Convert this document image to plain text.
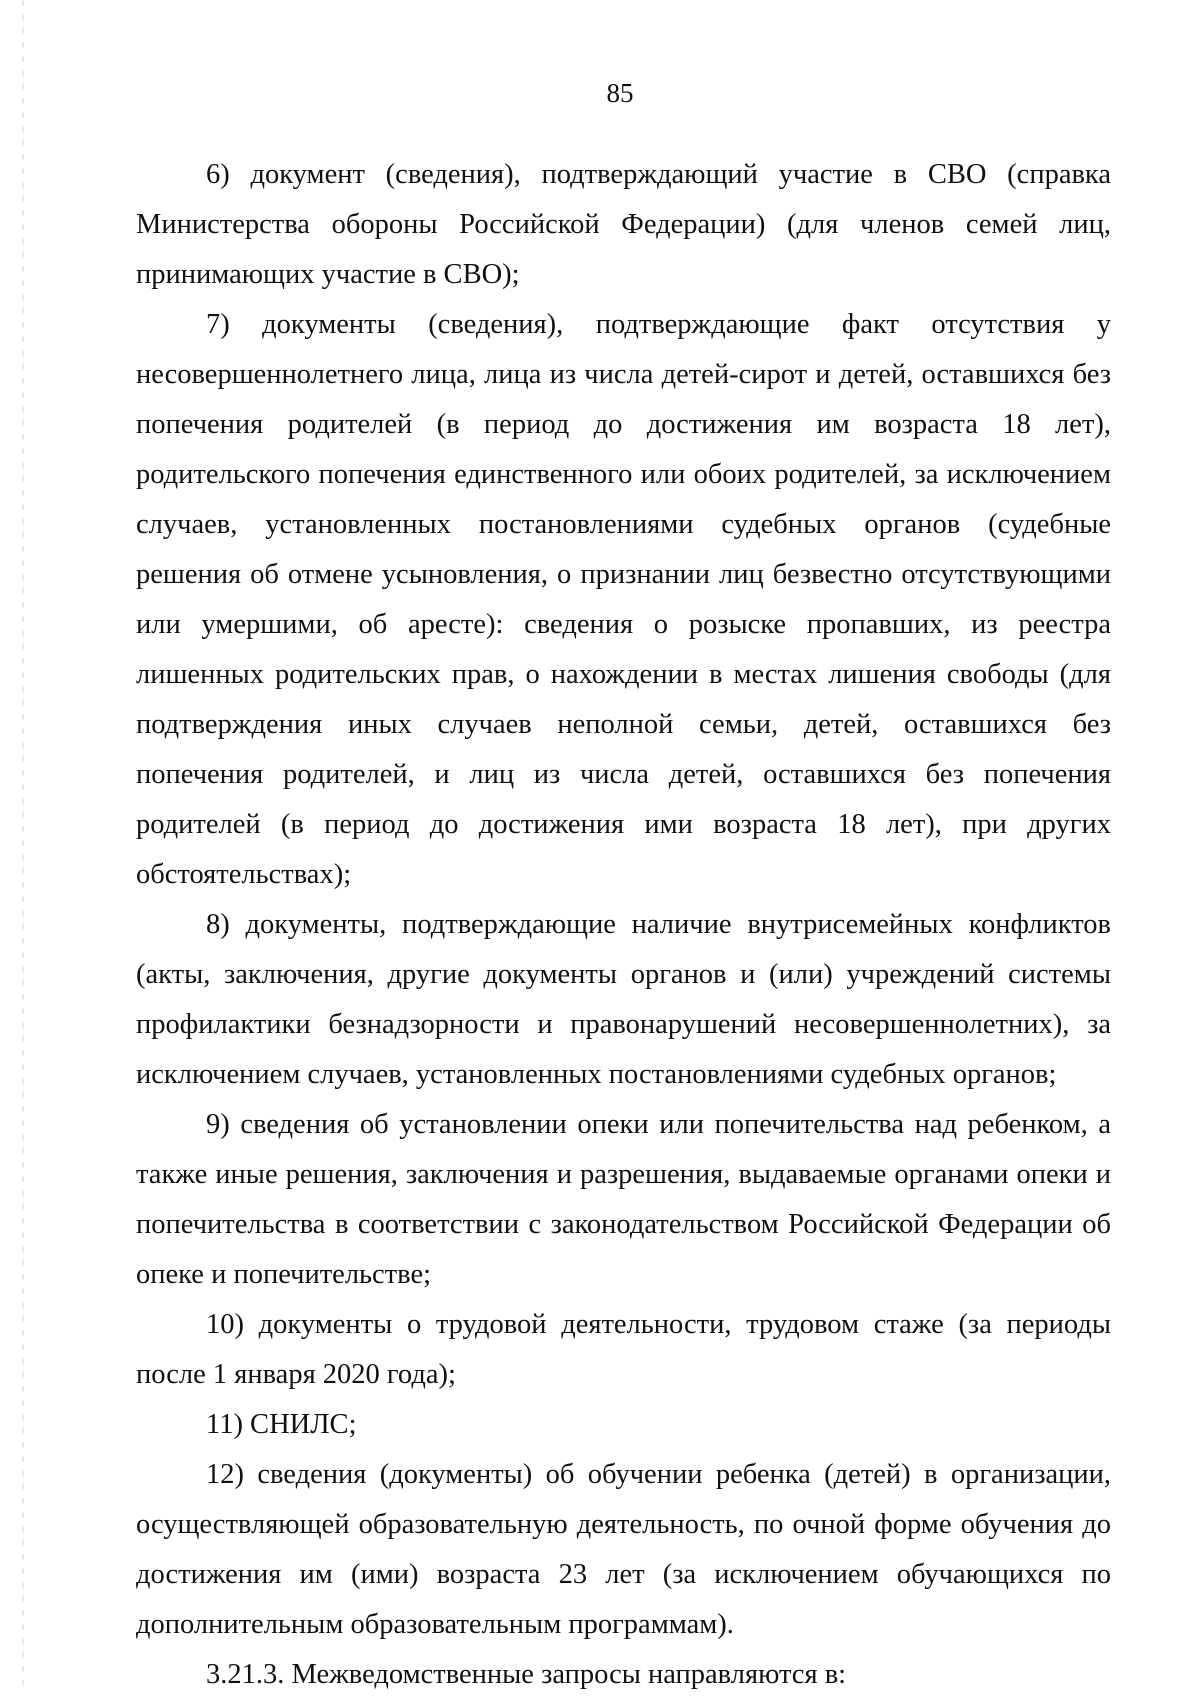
85

6) документ (сведения), подтверждающий участие в СВО (справка Министерства обороны Российской Федерации) (для членов семей лиц, принимающих участие в СВО);

7) документы (сведения), подтверждающие факт отсутствия у несовершеннолетнего лица, лица из числа детей-сирот и детей, оставшихся без попечения родителей (в период до достижения им возраста 18 лет), родительского попечения единственного или обоих родителей, за исключением случаев, установленных постановлениями судебных органов (судебные решения об отмене усыновления, о признании лиц безвестно отсутствующими или умершими, об аресте): сведения о розыске пропавших, из реестра лишенных родительских прав, о нахождении в местах лишения свободы (для подтверждения иных случаев неполной семьи, детей, оставшихся без попечения родителей, и лиц из числа детей, оставшихся без попечения родителей (в период до достижения ими возраста 18 лет), при других обстоятельствах);

8) документы, подтверждающие наличие внутрисемейных конфликтов (акты, заключения, другие документы органов и (или) учреждений системы профилактики безнадзорности и правонарушений несовершеннолетних), за исключением случаев, установленных постановлениями судебных органов;

9) сведения об установлении опеки или попечительства над ребенком, а также иные решения, заключения и разрешения, выдаваемые органами опеки и попечительства в соответствии с законодательством Российской Федерации об опеке и попечительстве;

10) документы о трудовой деятельности, трудовом стаже (за периоды после 1 января 2020 года);

11) СНИЛС;

12) сведения (документы) об обучении ребенка (детей) в организации, осуществляющей образовательную деятельность, по очной форме обучения до достижения им (ими) возраста 23 лет (за исключением обучающихся по дополнительным образовательным программам).

3.21.3. Межведомственные запросы направляются в:
